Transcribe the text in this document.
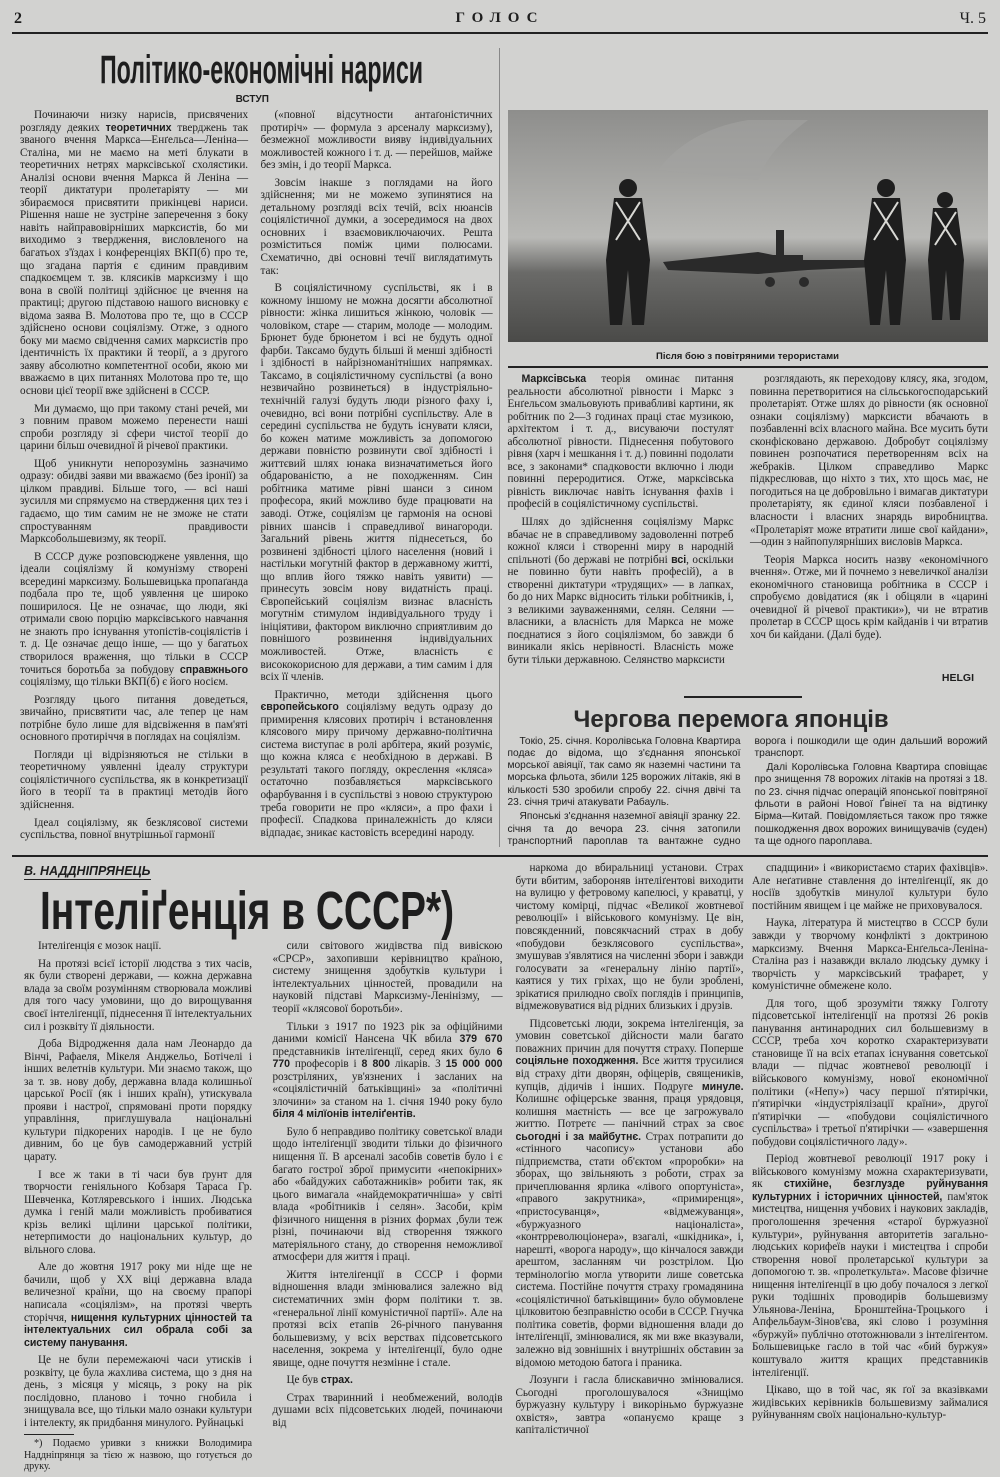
2	ГОЛОС	Ч. 5
Політико-економічні нариси
ВСТУП

Починаючи низку нарисів, присвячених розгляду деяких теоретичних тверджень так званого вчення Маркса—Енґельса—Леніна—Сталіна, ми не маємо на меті блукати в теоретичних нетрях марксівської схолястики. Аналізі основи вчення Маркса й Леніна — теорії диктатури пролетаріяту — ми збираємося присвятити прикінцеві нариси. Рішення наше не зустріне заперечення з боку навіть найправовірніших марксистів, бо ми виходимо з твердження, висловленого на багатьох з'їздах і конференціях ВКП(б) про те, що згадана партія є єдиним правдивим спадкоємцем т. зв. клясиків марксизму і що вона в своїй політиці здійснює це вчення на практиці; другою підставою нашого висновку є відома заява В. Молотова про те, що в СССР здійснено основи соціялізму. Отже, з одного боку ми маємо свідчення самих марксистів про ідентичність їх практики й теорії, а з другого заяву абсолютно компетентної особи, якою ми вважаємо в цих питаннях Молотова про те, що основи цієї теорії вже здійснені в СССР.

Ми думаємо, що при такому стані речей, ми з повним правом можемо перенести наші спроби розгляду зі сфери чистої теорії до царини більш очевидної й річевої практики.

Щоб уникнути непорозумінь зазначимо одразу: обидві заяви ми вважаємо (без іронії) за цілком правдиві. Більше того, — всі наші зусилля ми спрямуємо на ствердження цих тез і гадаємо, що тим самим не не зможе не стати спростуванням правдивости Марксобольшевизму, як теорії.

В СССР дуже розповсюджене уявлення, що ідеали соціялізму й комунізму створені всередині марксизму. Большевицька пропаґанда подбала про те, щоб уявлення це широко поширилося. Це не означає, що люди, які отримали свою порцію марксівського навчання не знають про існування утопістів-соціялістів і т. д. Це означає дещо інше, — що у багатьох створилося враження, що тільки в СССР точиться боротьба за побудову справжнього соціялізму, що тільки ВКП(б) є його носієм.

Розгляду цього питання доведеться, звичайно, присвятити час, але тепер це нам потрібне було лише для відсвіження в пам'яті основного протиріччя в поглядах на соціялізм.

Погляди ці відрізняються не стільки в теоретичному уявленні ідеалу структури соціялістичного суспільства, як в конкретизації його в теорії та в практиці методів його здійснення.

Ідеал соціялізму, як безклясової системи суспільства, повної внутрішньої гармонії

(«повної відсутности антаґоністичних протиріч» — формула з арсеналу марксизму), безмежної можливости вияву індивідуальних можливостей кожного і т. д. — перейшов, майже без змін, і до теорії Маркса.

Зовсім інакше з поглядами на його здійснення; ми не можемо зупинятися на детальному розгляді всіх течій, всіх нюансів соціялістичної думки, а зосередимося на двох основних і взаємовиключаючих. Решта розміститься поміж цими полюсами. Схематично, дві основні течії виглядатимуть так:

В соціялістичному суспільстві, як і в кожному іншому не можна досягти абсолютної рівности: жінка лишиться жінкою, чоловік — чоловіком, старе — старим, молоде — молодим. Брюнет буде брюнетом і всі не будуть одної фарби. Таксамо будуть більші й менші здібності і здібності в найрізноманітніших напрямках. Таксамо, в соціялістичному суспільстві (а воно незвичайно розвинеться) в індустріяльно-технічній галузі будуть люди різного фаху і, очевидно, всі вони потрібні суспільству. Але в середині суспільства не будуть існувати кляси, бо кожен матиме можливість за допомогою держави повністю розвинути свої здібності і життєвий шлях юнака визначатиметься його обдарованістю, а не походженням. Син робітника матиме рівні шанси з сином професора, який можливо буде працювати на заводі. Отже, соціялізм це гармонія на основі рівних шансів і справедливої винагороди. Загальний рівень життя піднесеться, бо розвинені здібності цілого населення (новий і настільки могутній фактор в державному житті, що вплив його тяжко навіть уявити) — принесуть зовсім нову видатність праці. Європейський соціялізм визнає власність могутнім стимулом індивідуального труду і ініціятиви, фактором виключно сприятливим до повнішого розвинення індивідуальних можливостей. Отже, власність є висококорисною для держави, а тим самим і для всіх її членів.

Практично, методи здійснення цього європейського соціялізму ведуть одразу до примирення клясових протиріч і встановлення клясового миру причому державно-політична система виступає в ролі арбітера, який розуміє, що кожна кляса є необхідною в державі. В результаті такого погляду, окреслення «кляса» остаточно позбавляється марксівського офарбування і в суспільстві з новою структурою треба говорити не про «кляси», а про фахи і професії. Спадкова приналежність до кляси відпадає, зникає кастовість всередині народу.

Після бою з повітряними терористами

Марксівська теорія оминає питання реальности абсолютної рівности і Маркс з Енґельсом змальовують привабливі картини, як робітник по 2—3 годинах праці стає музикою, архітектом і т. д., висуваючи постулят абсолютної рівности. Піднесення побутового рівня (харч і мешкання і т. д.) повинні подолати все, з законами* спадковости включно і люди повинні переродитися. Отже, марксівська рівність виключає навіть існування фахів і професій в соціялістичному суспільстві.

Шлях до здійснення соціялізму Маркс вбачає не в справедливому задоволенні потреб кожної кляси і створенні миру в народній спільноті (бо державі не потрібні всі, оскільки не повинно бути навіть професій), а в створенні диктатури «трудящих» — в лапках, бо до них Маркс відносить тільки робітників, і, з великими зауваженнями, селян. Селяни — власники, а власність для Маркса не може поєднатися з його соціялізмом, бо завжди б виникали якісь нерівності. Власність може бути тільки державною. Селянство марксисти

розглядають, як переходову клясу, яка, згодом, повинна перетворитися на сільськогосподарський пролетаріят. Отже шлях до рівности (як основної ознаки соціялізму) марксисти вбачають в позбавленні всіх власного майна. Все мусить бути сконфісковано державою. Добробут соціялізму повинен розпочатися перетворенням всіх на жебраків. Цілком справедливо Маркс підкреслював, що ніхто з тих, хто щось має, не погодиться на це добровільно і вимагав диктатури пролетаріяту, як єдиної кляси позбавленої і власности і власних знарядь виробництва. «Пролетаріят може втратити лише свої кайдани», —один з найпопулярніших висловів Маркса.

Теорія Маркса носить назву «економічного вчення». Отже, ми й почнемо з невеличкої аналізи економічного становища робітника в СССР і спробуємо довідатися (як і обіцяли в «царині очевидної й річевої практики»), чи не втратив пролетар в СССР щось крім кайданів і чи втратив хоч би кайдани. (Далі буде).

HELGI
Чергова перемога японців

Токіо, 25. січня. Королівська Головна Квартира подає до відома, що з'єднання японської морської авіяції, так само як наземні частини та морська фльота, збили 125 ворожих літаків, які в кількості 530 зробили спробу 22. січня двічі та 23. січня тричі атакувати Рабауль.

Японські з'єднання наземної авіяції зранку 22. січня та до вечора 23. січня затопили транспортний пароплав та вантажне судно ворога і пошкодили ще один дальший ворожий транспорт.

Далі Королівська Головна Квартира сповіщає про знищення 78 ворожих літаків на протязі з 18. по 23. січня підчас операцій японської повітряної фльоти в районі Нової Ґвінеї та на відтинку Бірма—Китай. Повідомляється також про тяжке пошкодження двох ворожих винищувачів (суден) та ще одного пароплава.

В. НАДДНІПРЯНЕЦЬ
Інтеліґенція в СССР*)

Інтеліґенція є мозок нації.

На протязі всієї історії людства з тих часів, як були створені держави, — кожна державна влада за своїм розумінням створювала можливі для того часу умовини, що до вирощування своєї інтеліґенції, піднесення її інтелектуальних сил і розквіту її діяльности.

Доба Відродження дала нам Леонардо да Вінчі, Рафаеля, Мікеля Анджельо, Ботічелі і інших велетнів культури. Ми знаємо також, що за т. зв. нову добу, державна влада колишньої царської Росії (як і інших країн), утискувала прояви і настрої, спрямовані проти порядку управління, приглушувала національні культури підкорених народів. І це не було дивним, бо це був самодержавний устрій царату.

І все ж таки в ті часи був ґрунт для творчости геніяльного Кобзаря Тараса Гр. Шевченка, Котляревського і інших. Людська думка і геній мали можливість пробиватися крізь великі щілини царської політики, нетерпимости до національних культур, до вільного слова.

Але до жовтня 1917 року ми ніде ще не бачили, щоб у XX віці державна влада величезної країни, що на своєму прапорі написала «соціялізм», на протязі чверть сторіччя, нищення культурних цінностей та інтелектуальних сил обрала собі за систему панування.

Це не були перемежаючі часи утисків і розквіту, це була жахлива система, що з дня на день, з місяця у місяць, з року на рік послідовно, планово і точно гнобила і знищувала все, що тільки мало ознаки культури і інтелекту, як придбання минулого. Руйнацькі

*) Подаємо уривки з книжки Володимира Наддніпрянця за тією ж назвою, що готується до друку.

сили світового жидівства під вивіскою «СРСР», захопивши керівництво країною, систему знищення здобутків культури і інтелектуальних цінностей, провадили на науковій підставі Марксизму-Ленінізму, — теорії «клясової боротьби».

Тільки з 1917 по 1923 рік за офіційними даними комісії Нансена ЧК вбила 379 670 представників інтеліґенції, серед яких було 6 770 професорів і 8 800 лікарів. З 15 000 000 розстріляних, ув'язнених і засланих на «соціялістичній батьківщині» за «політичні злочини» за станом на 1. січня 1940 року було біля 4 мілїонів інтеліґентів.

Було б неправдиво політику советської влади щодо інтеліґенції зводити тільки до фізичного нищення її. В арсеналі засобів советів було і є багато гострої зброї примусити «непокірних» або «байдужих саботажників» робити так, як цього вимагала «найдемократичніша» у світі влада «робітників і селян». Засоби, крім фізичного нищення в різних формах ,були теж різні, починаючи від створення тяжкого матеріяльного стану, до створення неможливої атмосфери для життя і праці.

Життя інтеліґенції в СССР і форми відношення влади змінювалися залежно від систематичних змін форм політики т. зв. «генеральної лінії комуністичної партії». Але на протязі всіх етапів 26-річного панування большевизму, у всіх верствах підсоветського населення, зокрема у інтеліґенції, було одне явище, одне почуття незмінне і стале.

Це був страх.

Страх тваринний і необмежений, володів душами всіх підсоветських людей, починаючи від

наркома до вбиральниці установи. Страх бути вбитим, забороняв інтеліґентові виходити на вулицю у фетровому капелюсі, у краватці, у чистому комірці, підчас «Великої жовтневої революції» і військового комунізму. Це він, повсякденний, повсякчасний страх в добу «побудови безклясового суспільства», змушував з'являтися на численні збори і завжди голосувати за «генеральну лінію партії», каятися у тих гріхах, що не були зроблені, зрікатися прилюдно своїх поглядів і принципів, відмежовуватися від рідних близьких і друзів.

Підсоветські люди, зокрема інтеліґенція, за умовин советської дійсности мали багато поважних причин для почуття страху. Поперше соціяльне походження. Все життя трусилися від страху діти дворян, офіцерів, священиків, купців, дідичів і інших. Подруге минуле. Колишнє офіцерське звання, праця урядовця, колишня маєтність — все це загрожувало життю. Потретє — панічний страх за своє сьогодні і за майбутнє. Страх потрапити до «стінного часопису» установи або підприємства, стати об'єктом «проробки» на зборах, що звільняють з роботи, страх за причеплювання ярлика «лівого опортуніста», «правого закрутника», «примиренця», «пристосуванця», «відмежуванця», «буржуазного націоналіста», «контрреволюціонера», взагалі, «шкідника», і, нарешті, «ворога народу», що кінчалося завжди арештом, засланням чи розстрілом. Цю термінологію могла утворити лише советська система. Постійне почуття страху громадянина «соціялістичної батьківщини» було обумовлене цілковитою безправністю особи в СССР. Гнучка політика советів, форми відношення влади до інтеліґенції, змінювалися, як ми вже вказували, залежно від зовнішніх і внутрішніх обставин за відомою методою батога і праника.

Лозунги і гасла блискавично змінювалися. Сьогодні проголошувалося «Знищімо буржуазну культуру і викоріньмо буржуазне охвістя», завтра «опануємо краще з капіталістичної

спадщини» і «використаємо старих фахівців». Але неґативне ставлення до інтеліґенції, як до носіїв здобутків минулої культури було постійним явищем і це майже не приховувалося.

Наука, література й мистецтво в СССР були завжди у творчому конфлікті з доктриною марксизму. Вчення Маркса-Енґельса-Леніна-Сталіна раз і назавжди вклало людську думку і творчість у марксівський трафарет, у комуністичне обмежене коло.

Для того, щоб зрозуміти тяжку Голготу підсоветської інтеліґенції на протязі 26 років панування антинародних сил большевизму в СССР, треба хоч коротко схарактеризувати становище її на всіх етапах існування советської влади — підчас жовтневої революції і військового комунізму, нової економічної політики («Непу») часу першої п'ятирічки, п'ятирічки «індустріялізації країни», другої п'ятирічки — «побудови соціялістичного суспільства» і третьої п'ятирічки — «завершення побудови соціялістичного ладу».

Період жовтневої революції 1917 року і військового комунізму можна схарактеризувати, як стихійне, безглузде руйнування культурних і історичних цінностей, пам'яток мистецтва, нищення учбових і наукових закладів, проголошення зречення «старої буржуазної культури», руйнування авторитетів загально-людських корифеїв науки і мистецтва і спроби створення нової пролетарської культури за допомогою т. зв. «пролеткульта». Масове фізичне нищення інтеліґенції в цю добу почалося з легкої руки тодішніх проводирів большевизму Ульянова-Леніна, Бронштейна-Троцького і Апфельбаум-Зінов'єва, які слово і розуміння «буржуй» публічно ототожнювали з інтеліґентом. Большевицьке гасло в той час «бий буржуя» коштувало життя кращих представників інтеліґенції.

Цікаво, що в той час, як ґої за вказівками жидівських керівників большевизму займалися руйнуванням своїх національно-культур-
